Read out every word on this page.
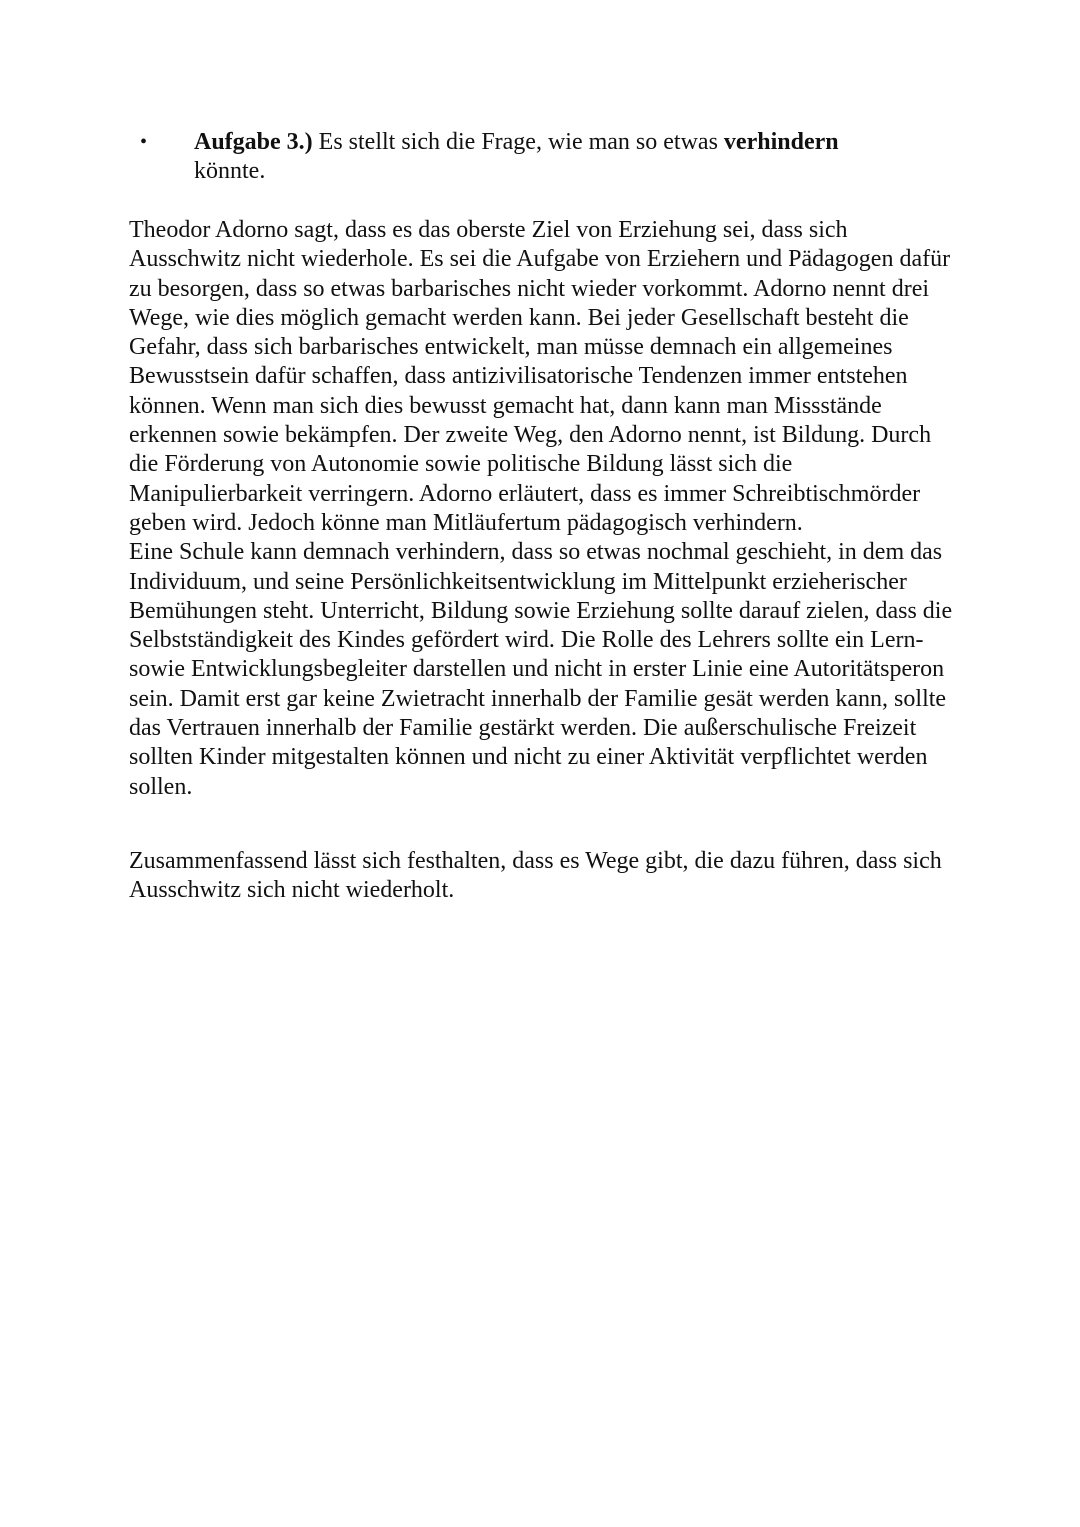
• Aufgabe 3.) Es stellt sich die Frage, wie man so etwas verhindern könnte.

Theodor Adorno sagt, dass es das oberste Ziel von Erziehung sei, dass sich Ausschwitz nicht wiederhole. Es sei die Aufgabe von Erziehern und Pädagogen dafür zu besorgen, dass so etwas barbarisches nicht wieder vorkommt. Adorno nennt drei Wege, wie dies möglich gemacht werden kann. Bei jeder Gesellschaft besteht die Gefahr, dass sich barbarisches entwickelt, man müsse demnach ein allgemeines Bewusstsein dafür schaffen, dass antizivilisatorische Tendenzen immer entstehen können. Wenn man sich dies bewusst gemacht hat, dann kann man Missstände erkennen sowie bekämpfen. Der zweite Weg, den Adorno nennt, ist Bildung. Durch die Förderung von Autonomie sowie politische Bildung lässt sich die Manipulierbarkeit verringern. Adorno erläutert, dass es immer Schreibtischmörder geben wird. Jedoch könne man Mitläufertum pädagogisch verhindern.

Eine Schule kann demnach verhindern, dass so etwas nochmal geschieht, in dem das Individuum, und seine Persönlichkeitsentwicklung im Mittelpunkt erzieherischer Bemühungen steht. Unterricht, Bildung sowie Erziehung sollte darauf zielen, dass die Selbstständigkeit des Kindes gefördert wird. Die Rolle des Lehrers sollte ein Lern- sowie Entwicklungsbegleiter darstellen und nicht in erster Linie eine Autoritätsperon sein. Damit erst gar keine Zwietracht innerhalb der Familie gesät werden kann, sollte das Vertrauen innerhalb der Familie gestärkt werden. Die außerschulische Freizeit sollten Kinder mitgestalten können und nicht zu einer Aktivität verpflichtet werden sollen.

Zusammenfassend lässt sich festhalten, dass es Wege gibt, die dazu führen, dass sich Ausschwitz sich nicht wiederholt.
